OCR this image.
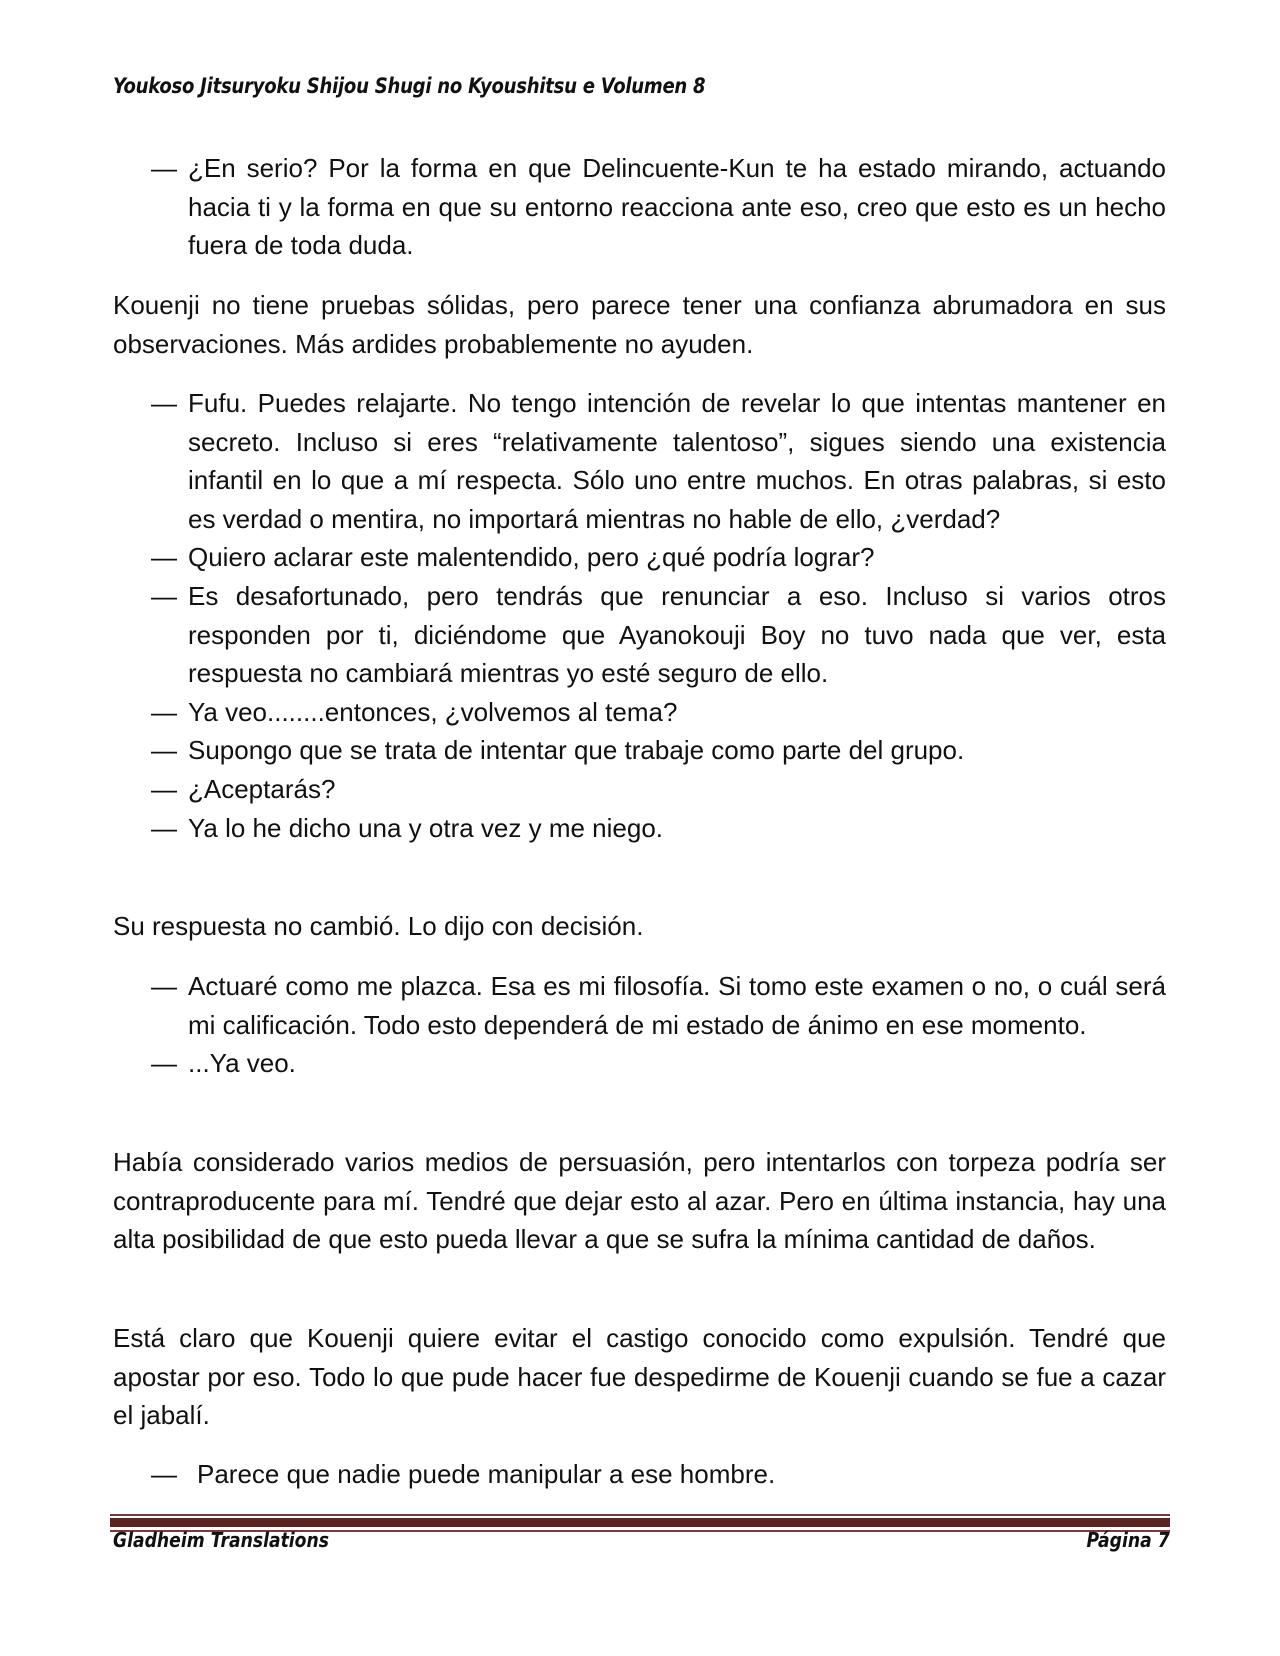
Youkoso Jitsuryoku Shijou Shugi no Kyoushitsu e Volumen 8
— ¿En serio? Por la forma en que Delincuente-Kun te ha estado mirando, actuando hacia ti y la forma en que su entorno reacciona ante eso, creo que esto es un hecho fuera de toda duda.
Kouenji no tiene pruebas sólidas, pero parece tener una confianza abrumadora en sus observaciones. Más ardides probablemente no ayuden.
— Fufu. Puedes relajarte. No tengo intención de revelar lo que intentas mantener en secreto. Incluso si eres “relativamente talentoso”, sigues siendo una existencia infantil en lo que a mí respecta. Sólo uno entre muchos. En otras palabras, si esto es verdad o mentira, no importará mientras no hable de ello, ¿verdad?
— Quiero aclarar este malentendido, pero ¿qué podría lograr?
— Es desafortunado, pero tendrás que renunciar a eso. Incluso si varios otros responden por ti, diciéndome que Ayanokouji Boy no tuvo nada que ver, esta respuesta no cambiará mientras yo esté seguro de ello.
— Ya veo........entonces, ¿volvemos al tema?
— Supongo que se trata de intentar que trabaje como parte del grupo.
— ¿Aceptarás?
— Ya lo he dicho una y otra vez y me niego.
Su respuesta no cambió. Lo dijo con decisión.
— Actuaré como me plazca. Esa es mi filosofía. Si tomo este examen o no, o cuál será mi calificación. Todo esto dependerá de mi estado de ánimo en ese momento.
— ...Ya veo.
Había considerado varios medios de persuasión, pero intentarlos con torpeza podría ser contraproducente para mí. Tendré que dejar esto al azar. Pero en última instancia, hay una alta posibilidad de que esto pueda llevar a que se sufra la mínima cantidad de daños.
Está claro que Kouenji quiere evitar el castigo conocido como expulsión. Tendré que apostar por eso. Todo lo que pude hacer fue despedirme de Kouenji cuando se fue a cazar el jabalí.
— Parece que nadie puede manipular a ese hombre.
Gladheim Translations	Página 7
